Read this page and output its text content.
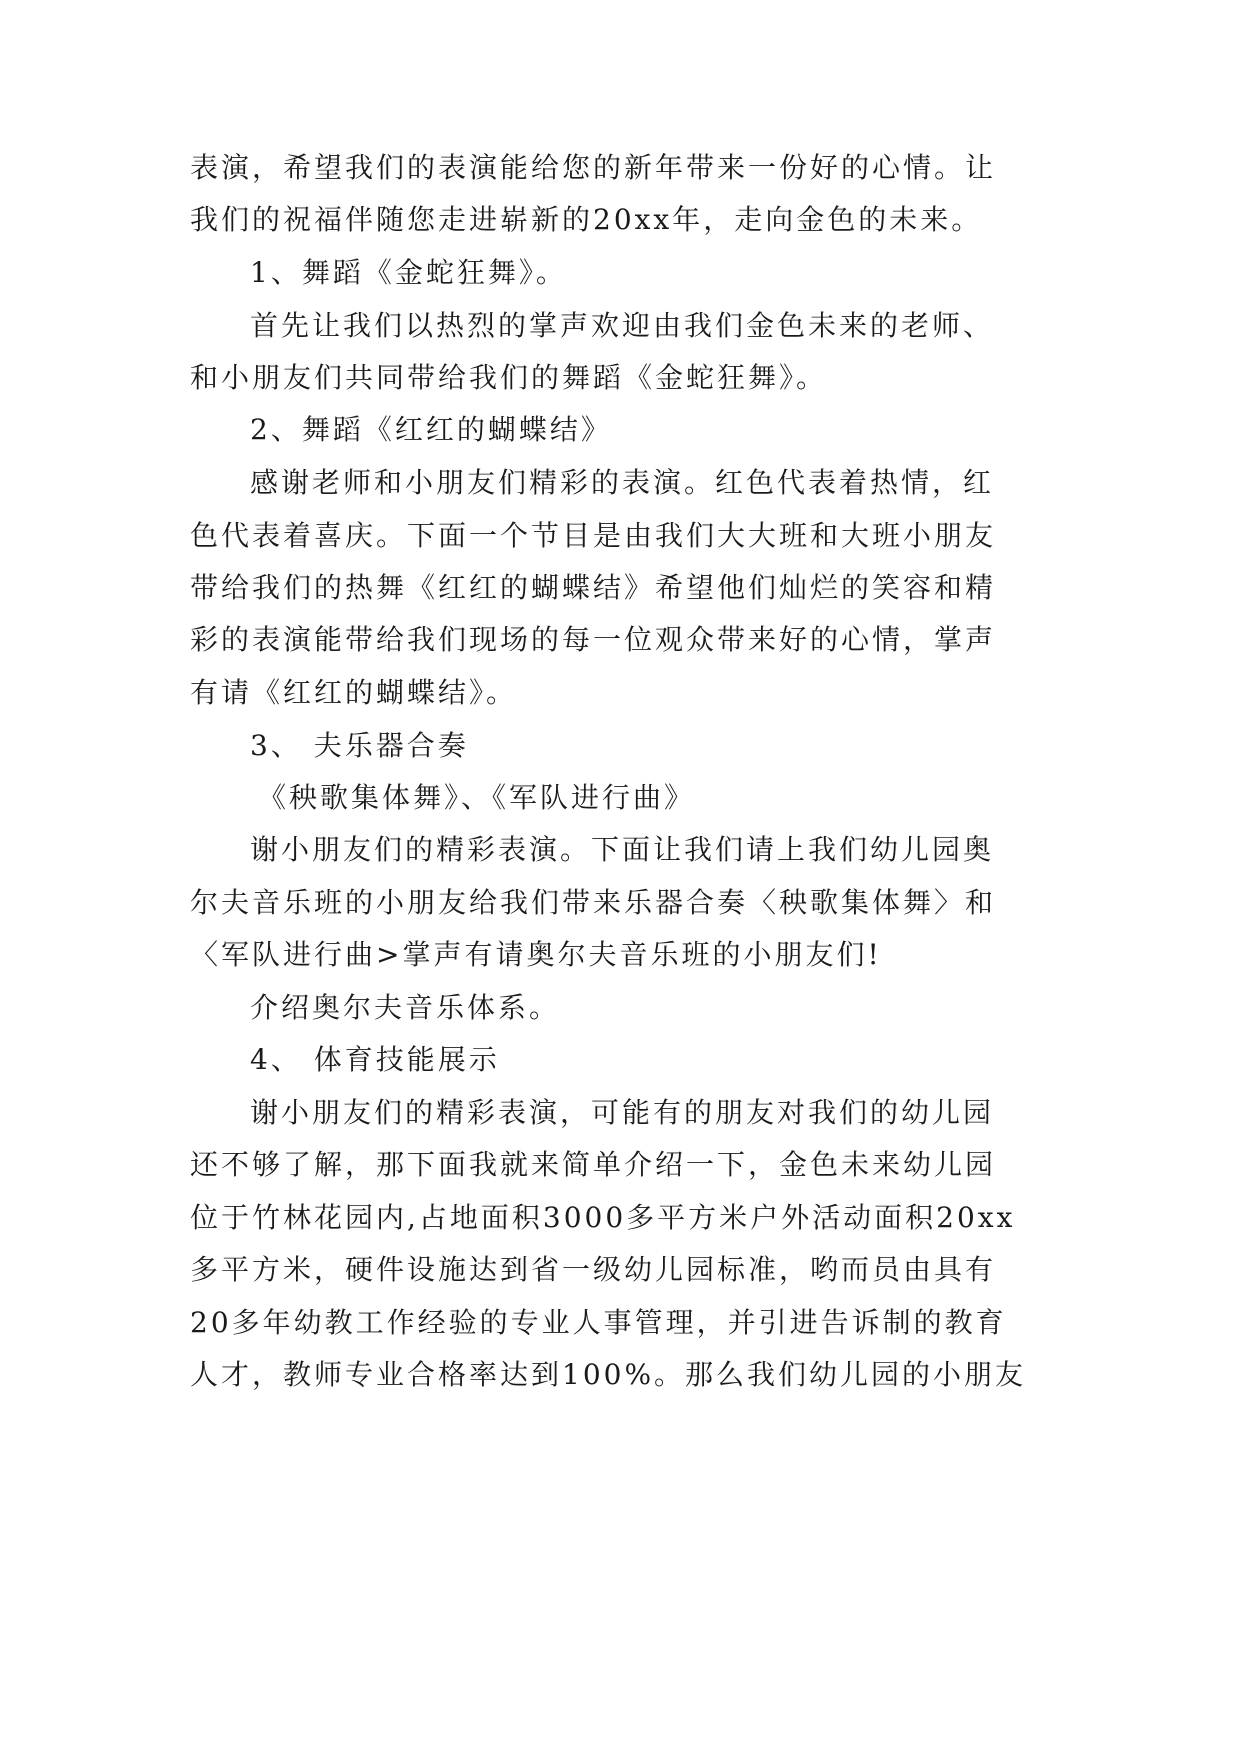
表演，希望我们的表演能给您的新年带来一份好的心情。让
我们的祝福伴随您走进崭新的20xx年，走向金色的未来。
1、舞蹈《金蛇狂舞》。
首先让我们以热烈的掌声欢迎由我们金色未来的老师、
和小朋友们共同带给我们的舞蹈《金蛇狂舞》。
2、舞蹈《红红的蝴蝶结》
感谢老师和小朋友们精彩的表演。红色代表着热情，红
色代表着喜庆。下面一个节目是由我们大大班和大班小朋友
带给我们的热舞《红红的蝴蝶结》希望他们灿烂的笑容和精
彩的表演能带给我们现场的每一位观众带来好的心情，掌声
有请《红红的蝴蝶结》。
3、 夫乐器合奏
《秧歌集体舞》、《军队进行曲》
谢小朋友们的精彩表演。下面让我们请上我们幼儿园奥
尔夫音乐班的小朋友给我们带来乐器合奏〈秧歌集体舞〉和
〈军队进行曲>掌声有请奥尔夫音乐班的小朋友们!
介绍奥尔夫音乐体系。
4、 体育技能展示
谢小朋友们的精彩表演，可能有的朋友对我们的幼儿园
还不够了解，那下面我就来简单介绍一下，金色未来幼儿园
位于竹林花园内,占地面积3000多平方米户外活动面积20xx
多平方米，硬件设施达到省一级幼儿园标准，哟而员由具有
20多年幼教工作经验的专业人事管理，并引进告诉制的教育
人才，教师专业合格率达到100%。那么我们幼儿园的小朋友
